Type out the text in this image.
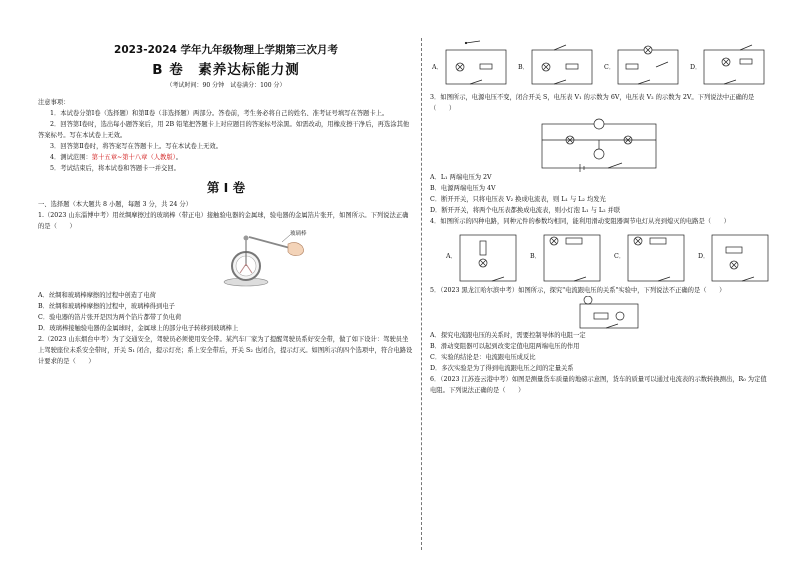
2023-2024 学年九年级物理上学期第三次月考
B 卷　素养达标能力测
（考试时间：90 分钟　试卷满分：100 分）
注意事项：
1．本试卷分第Ⅰ卷（选择题）和第Ⅱ卷（非选择题）两部分。答卷前，考生务必将自己的姓名、准考证号填写在答题卡上。
2．回答第Ⅰ卷时，选出每小题答案后，用 2B 铅笔把答题卡上对应题目的答案标号涂黑。如需改动，用橡皮擦干净后，再选涂其他答案标号。写在本试卷上无效。
3．回答第Ⅱ卷时，将答案写在答题卡上。写在本试卷上无效。
4．测试范围：第十五章~第十八章（人教版）。
5．考试结束后，将本试卷和答题卡一并交回。
第 Ⅰ 卷
一、选择题（本大题共 8 小题，每题 3 分，共 24 分）
1.（2023 山东淄博中考）用丝绸摩擦过的玻璃棒（带正电）接触验电器的金属球，验电器的金属箔片张开，如图所示。下列说法正确的是（　　）
玻璃棒
A．丝绸和玻璃棒摩擦的过程中创造了电荷
B．丝绸和玻璃棒摩擦的过程中，玻璃棒得到电子
C．验电器的箔片张开是因为两个箔片都带了负电荷
D．玻璃棒接触验电器的金属球时，金属球上的部分电子转移到玻璃棒上
2.（2023 山东烟台中考）为了交通安全，驾驶员必须使用安全带。某汽车厂家为了提醒驾驶员系好安全带，做了如下设计：驾驶员坐上驾驶座位未系安全带时，开关 S₁ 闭合，提示灯亮；系上安全带后，开关 S₂ 也闭合，提示灯灭。如图所示的四个选项中，符合电路设计要求的是（　　）
A．	B．	C．	D．
3．如图所示，电源电压不变，闭合开关 S，电压表 V₁ 的示数为 6V，电压表 V₂ 的示数为 2V。下列说法中正确的是（　　）
A．L₁ 两端电压为 2V
B．电源两端电压为 4V
C．断开开关，只将电压表 V₂ 换成电流表，则 L₁ 与 L₂ 均发光
D．断开开关，将两个电压表都换成电流表，则小灯泡 L₁ 与 L₂ 并联
4．如图所示的四种电路，同种元件的参数均相同，能利用滑动变阻器调节电灯从亮到熄灭的电路是（　　）
A．	B．	C．	D．
5．（2023 黑龙江哈尔滨中考）如图所示，探究"电流跟电压的关系"实验中，下列说法不正确的是（　　）
A．探究电流跟电压的关系时，需要控制导体的电阻一定
B．滑动变阻器可以起到改变定值电阻两端电压的作用
C．实验的结论是：电流跟电压成反比
D．多次实验是为了得到电流跟电压之间的定量关系
6．（2023 江苏连云港中考）如图是测量货车质量的地磅示意图，货车的质量可以通过电流表的示数转换测出，R₀ 为定值电阻。下列说法正确的是（　　）
